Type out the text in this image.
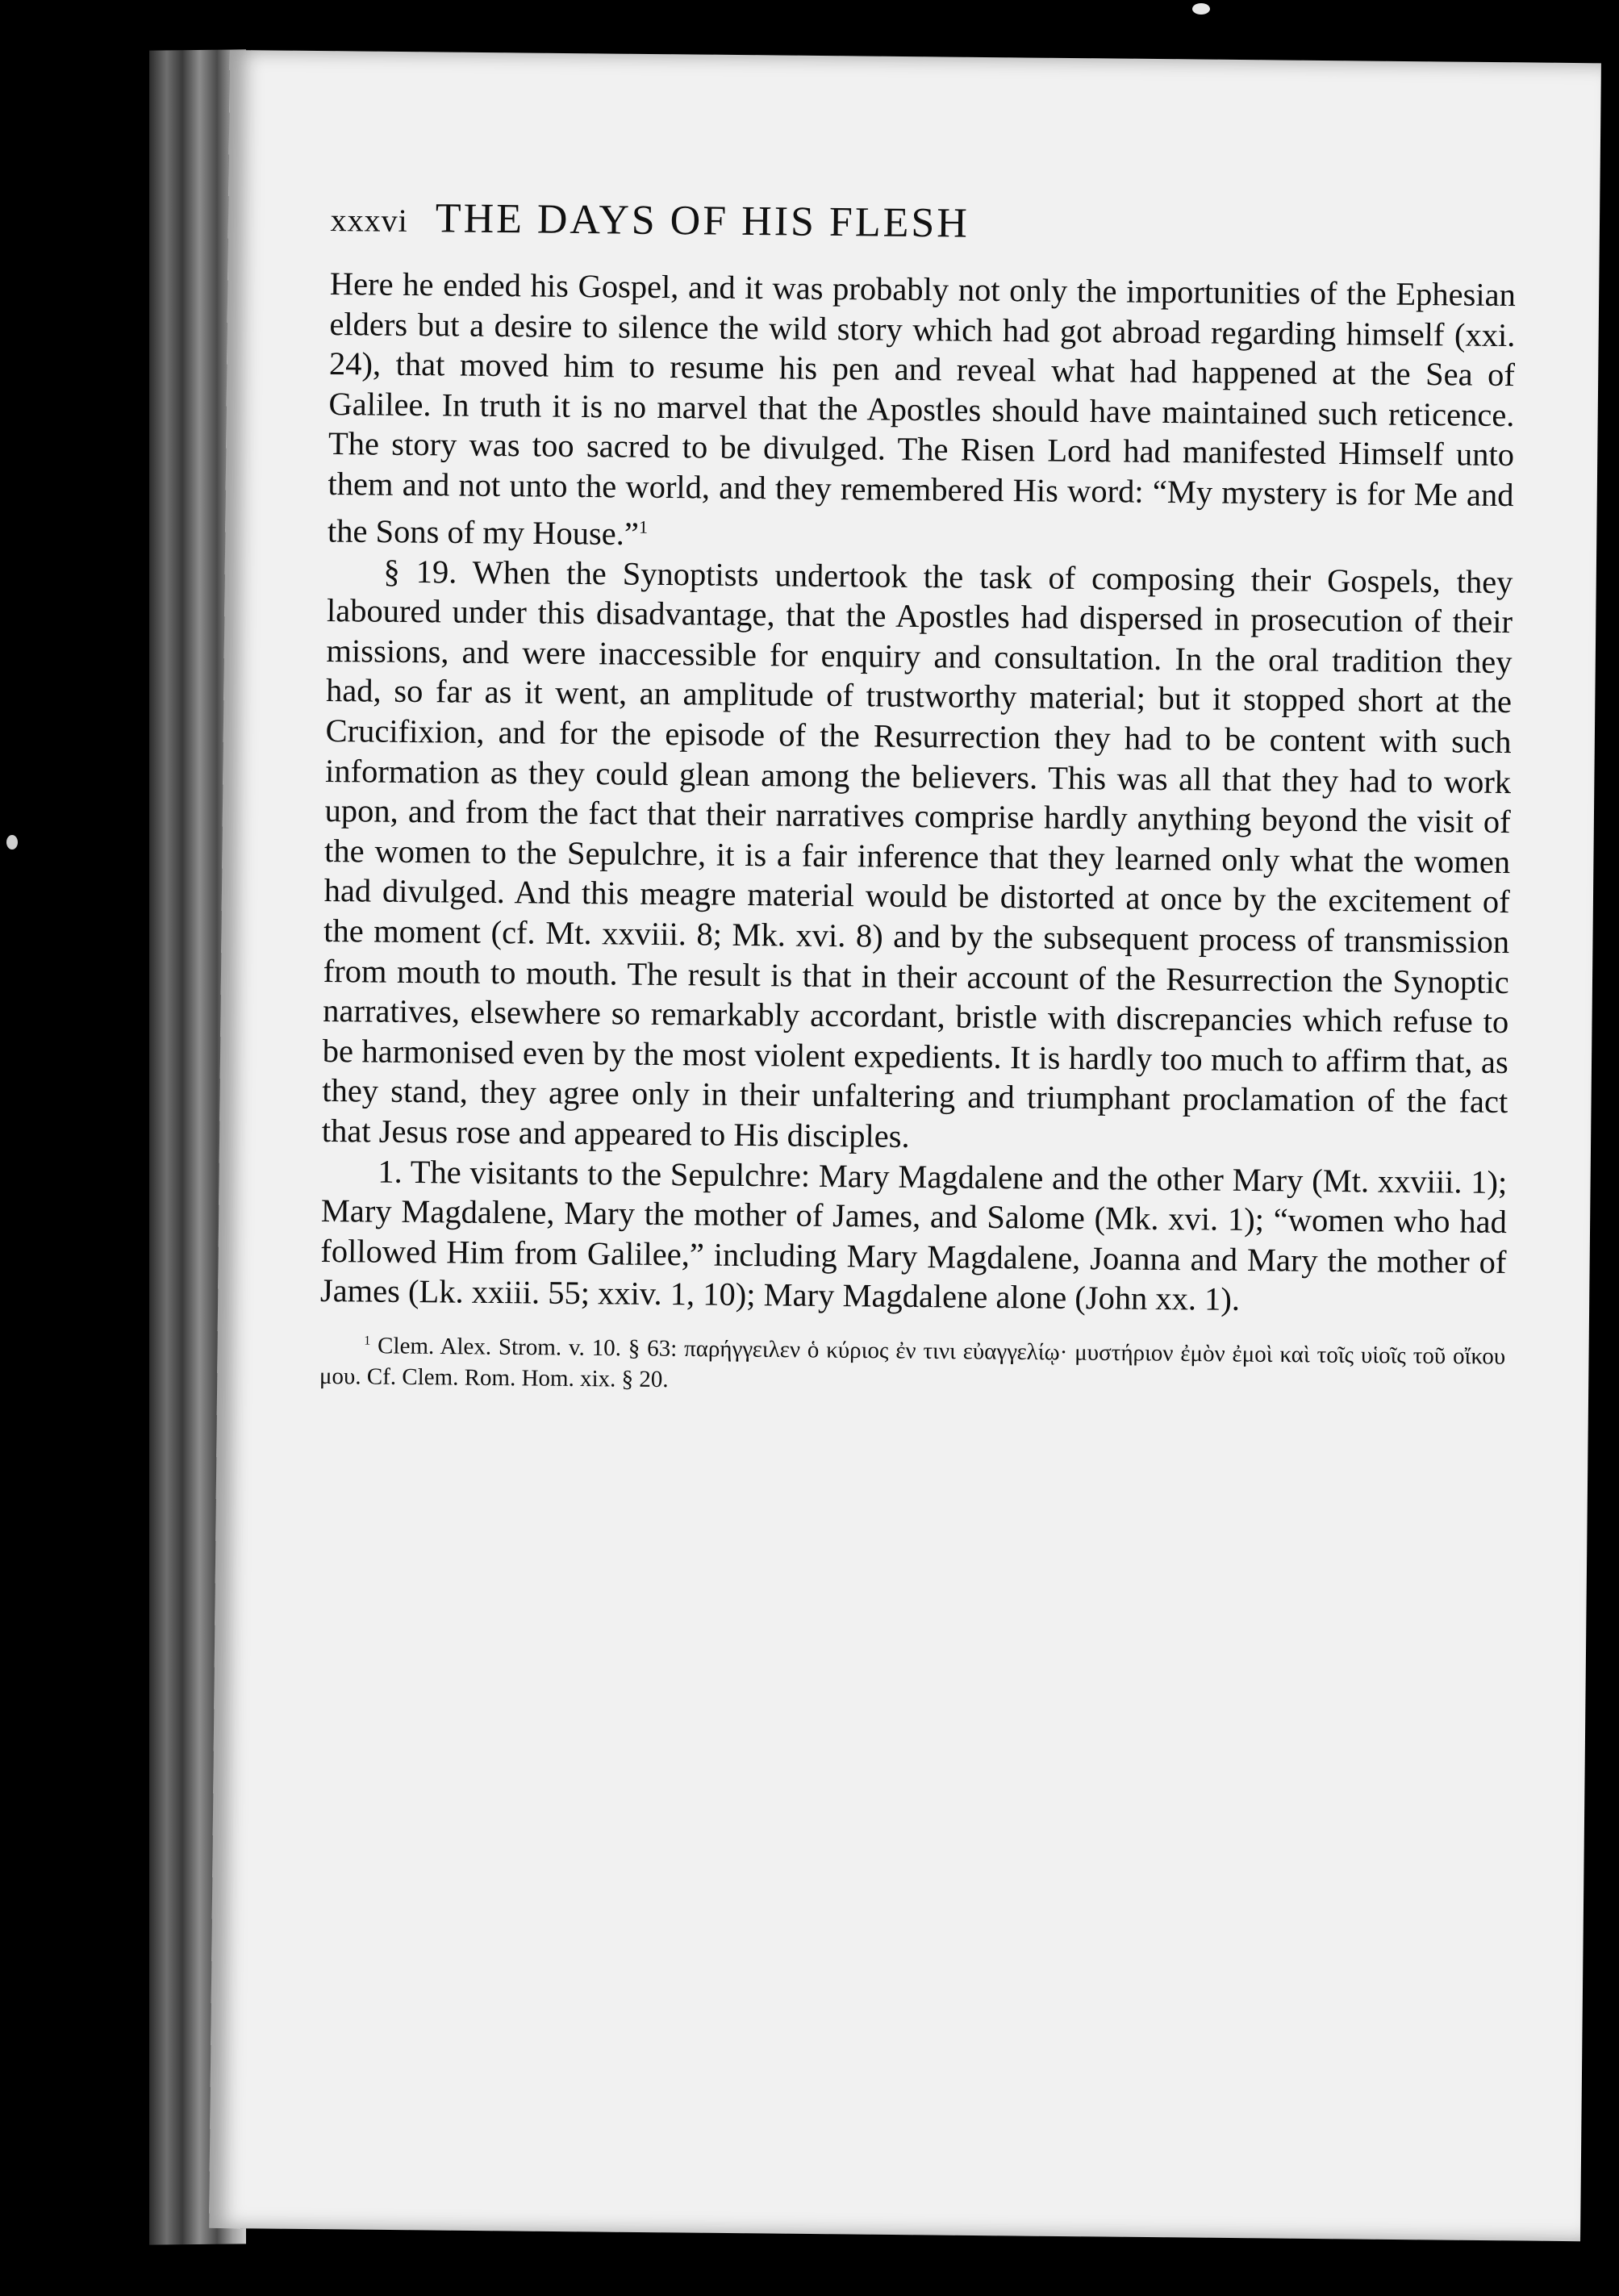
xxxvi THE DAYS OF HIS FLESH

Here he ended his Gospel, and it was probably not only the importunities of the Ephesian elders but a desire to silence the wild story which had got abroad regarding himself (xxi. 24), that moved him to resume his pen and reveal what had happened at the Sea of Galilee. In truth it is no marvel that the Apostles should have maintained such reticence. The story was too sacred to be divulged. The Risen Lord had manifested Himself unto them and not unto the world, and they remembered His word: “My mystery is for Me and the Sons of my House.”$^1$

§ 19. When the Synoptists undertook the task of composing their Gospels, they laboured under this disadvantage, that the Apostles had dispersed in prosecution of their missions, and were inaccessible for enquiry and consultation. In the oral tradition they had, so far as it went, an amplitude of trustworthy material; but it stopped short at the Crucifixion, and for the episode of the Resurrection they had to be content with such information as they could glean among the believers. This was all that they had to work upon, and from the fact that their narratives comprise hardly anything beyond the visit of the women to the Sepulchre, it is a fair inference that they learned only what the women had divulged. And this meagre material would be distorted at once by the excitement of the moment (cf. Mt. xxviii. 8; Mk. xvi. 8) and by the subsequent process of transmission from mouth to mouth. The result is that in their account of the Resurrection the Synoptic narratives, elsewhere so remarkably accordant, bristle with discrepancies which refuse to be harmonised even by the most violent expedients. It is hardly too much to affirm that, as they stand, they agree only in their unfaltering and triumphant proclamation of the fact that Jesus rose and appeared to His disciples.

1. The visitants to the Sepulchre: Mary Magdalene and the other Mary (Mt. xxviii. 1); Mary Magdalene, Mary the mother of James, and Salome (Mk. xvi. 1); “women who had followed Him from Galilee,” including Mary Magdalene, Joanna and Mary the mother of James (Lk. xxiii. 55; xxiv. 1, 10); Mary Magdalene alone (John xx. 1).

$^1$ Clem. Alex. Strom. v. 10. § 63: παρήγγειλεν ὁ κύριος ἐν τινι εὐαγγελίῳ· μυστήριον ἐμὸν ἐμοὶ καὶ τοῖς υἱοῖς τοῦ οἴκου μου. Cf. Clem. Rom. Hom. xix. § 20.
